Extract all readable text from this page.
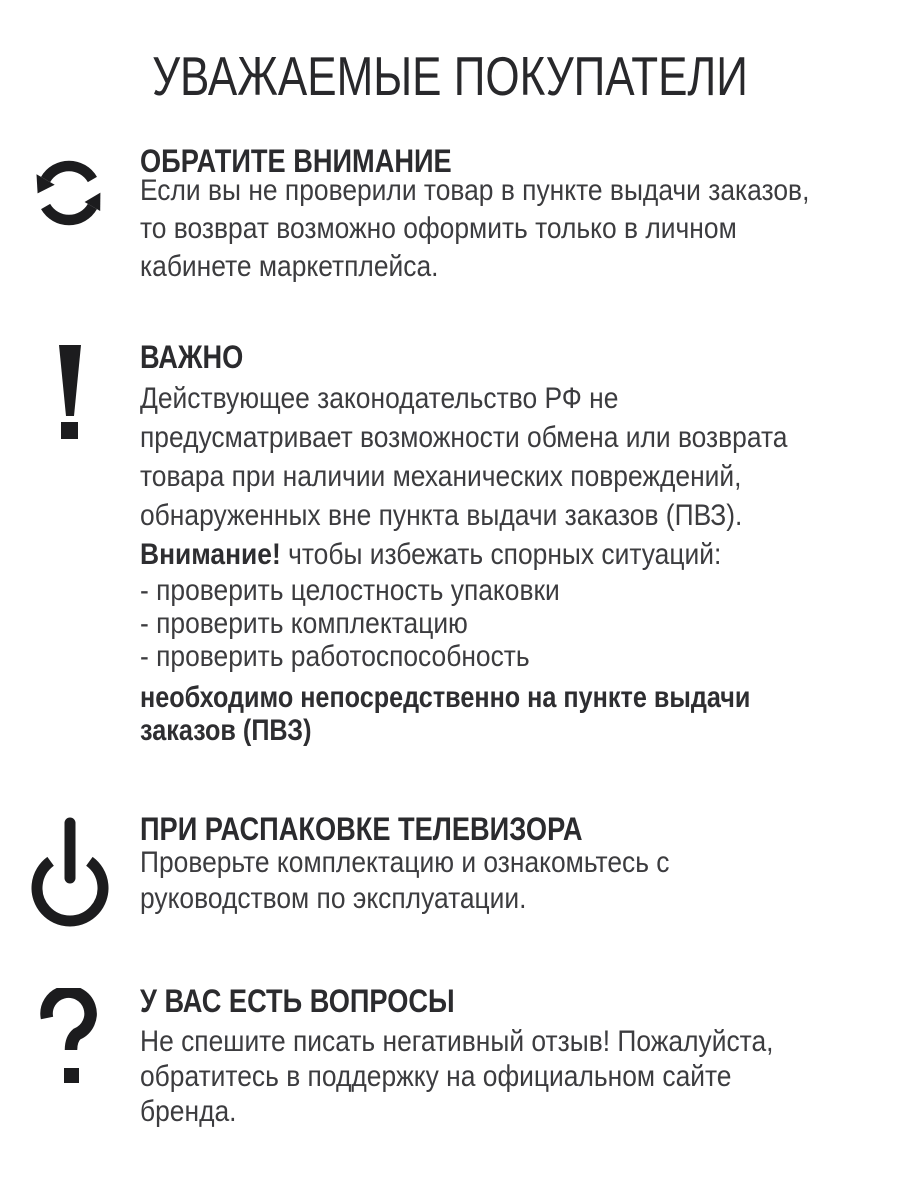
УВАЖАЕМЫЕ ПОКУПАТЕЛИ
ОБРАТИТЕ ВНИМАНИЕ
Если вы не проверили товар в пункте выдачи заказов,
то возврат возможно оформить только в личном
кабинете маркетплейса.
ВАЖНО
Действующее законодательство РФ не
предусматривает возможности обмена или возврата
товара при наличии механических повреждений,
обнаруженных вне пункта выдачи заказов (ПВЗ).
Внимание! чтобы избежать спорных ситуаций:
- проверить целостность упаковки
- проверить комплектацию
- проверить работоспособность
необходимо непосредственно на пункте выдачи
заказов (ПВЗ)
ПРИ РАСПАКОВКЕ ТЕЛЕВИЗОРА
Проверьте комплектацию и ознакомьтесь с
руководством по эксплуатации.
У ВАС ЕСТЬ ВОПРОСЫ
Не спешите писать негативный отзыв! Пожалуйста,
обратитесь в поддержку на официальном сайте
бренда.
